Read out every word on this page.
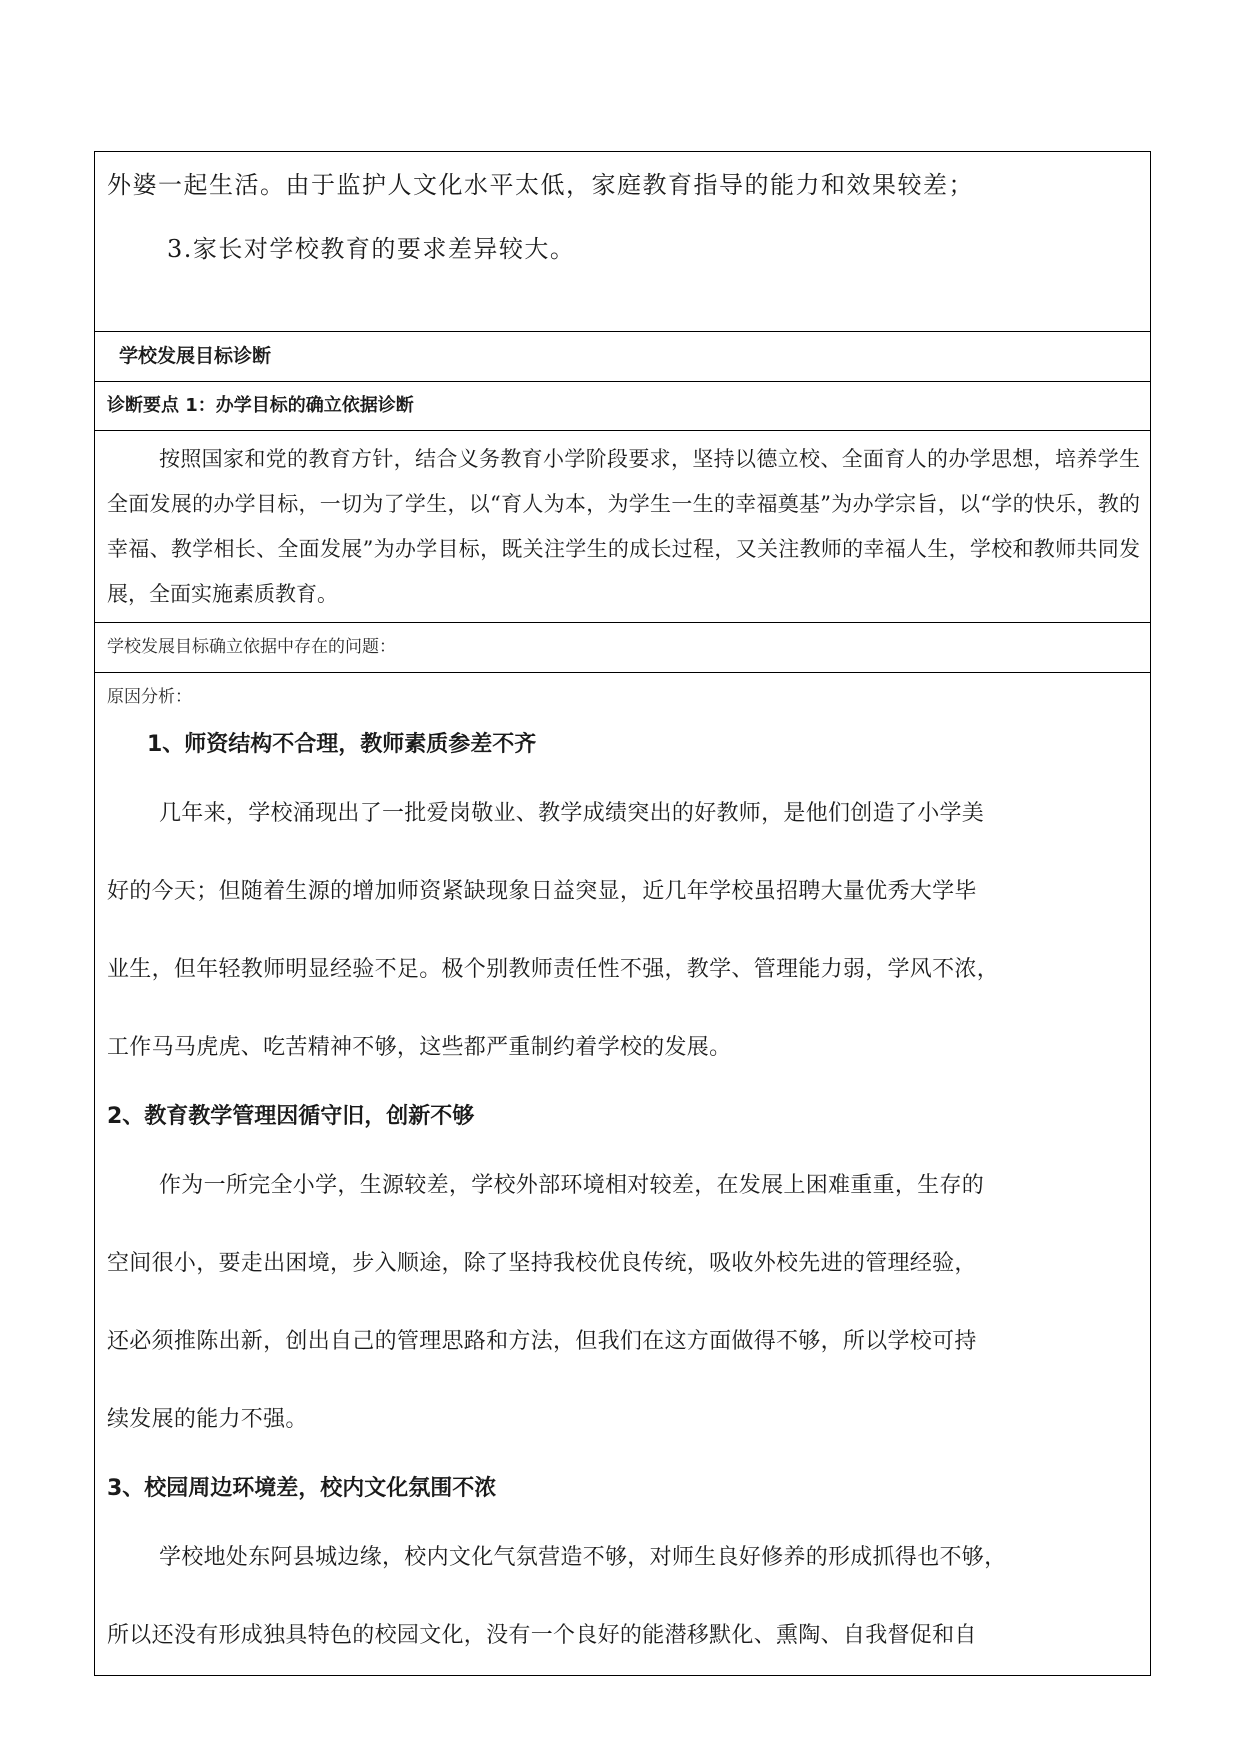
外婆一起生活。由于监护人文化水平太低，家庭教育指导的能力和效果较差；
3.家长对学校教育的要求差异较大。

学校发展目标诊断

诊断要点 1：办学目标的确立依据诊断

按照国家和党的教育方针，结合义务教育小学阶段要求，坚持以德立校、全面育人的办学思想，培养学生全面发展的办学目标，一切为了学生，以“育人为本，为学生一生的幸福奠基”为办学宗旨，以“学的快乐，教的幸福、教学相长、全面发展”为办学目标，既关注学生的成长过程，又关注教师的幸福人生，学校和教师共同发展，全面实施素质教育。

学校发展目标确立依据中存在的问题：

原因分析：
1、师资结构不合理，教师素质参差不齐
几年来，学校涌现出了一批爱岗敬业、教学成绩突出的好教师，是他们创造了小学美
好的今天；但随着生源的增加师资紧缺现象日益突显，近几年学校虽招聘大量优秀大学毕
业生，但年轻教师明显经验不足。极个别教师责任性不强，教学、管理能力弱，学风不浓，
工作马马虎虎、吃苦精神不够，这些都严重制约着学校的发展。
2、教育教学管理因循守旧，创新不够
作为一所完全小学，生源较差，学校外部环境相对较差，在发展上困难重重，生存的
空间很小，要走出困境，步入顺途，除了坚持我校优良传统，吸收外校先进的管理经验，
还必须推陈出新，创出自己的管理思路和方法，但我们在这方面做得不够，所以学校可持
续发展的能力不强。
3、校园周边环境差，校内文化氛围不浓
学校地处东阿县城边缘，校内文化气氛营造不够，对师生良好修养的形成抓得也不够，
所以还没有形成独具特色的校园文化，没有一个良好的能潜移默化、熏陶、自我督促和自
